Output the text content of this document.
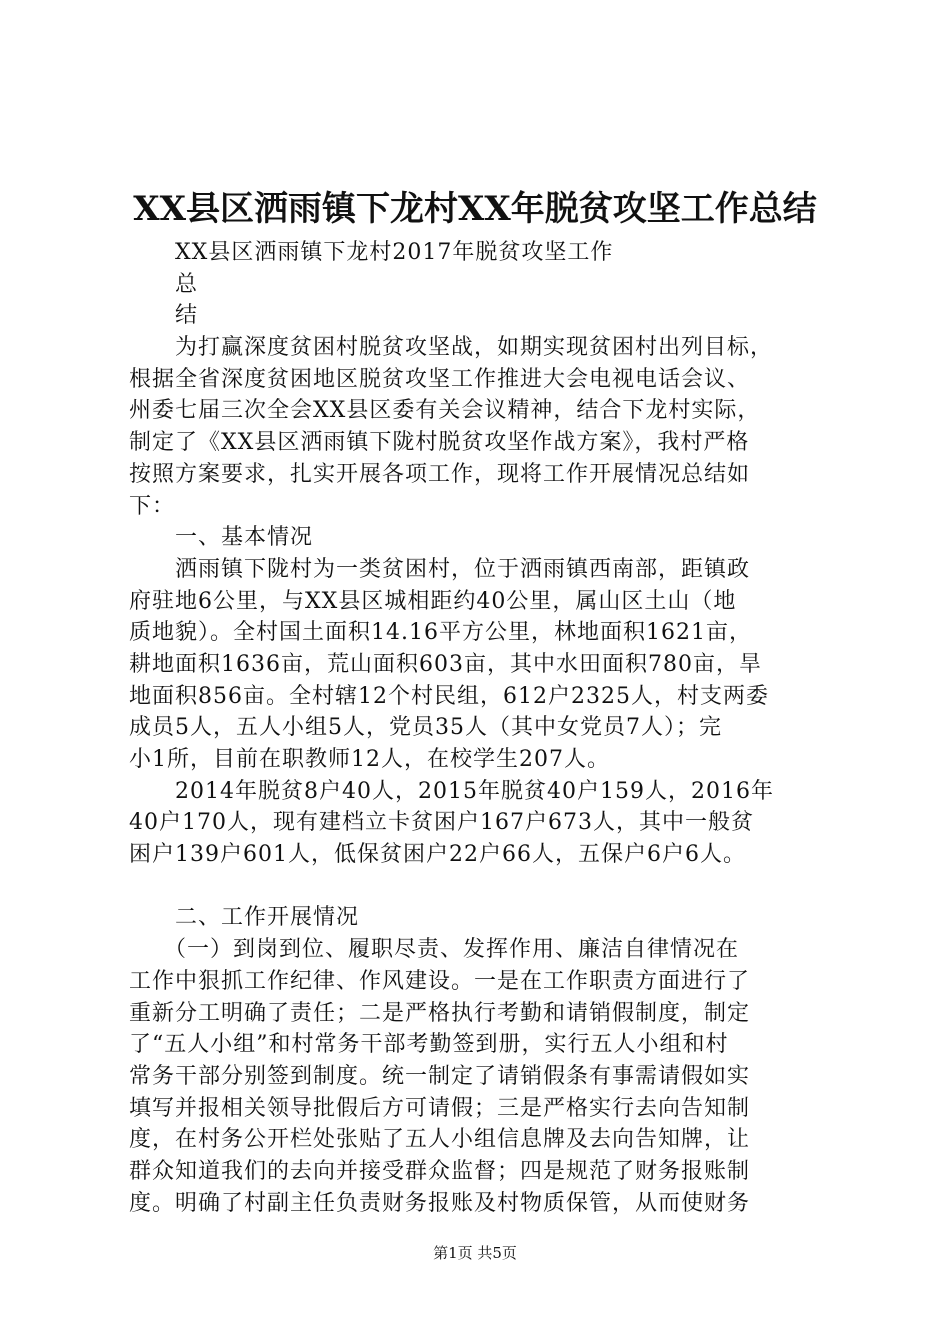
XX县区洒雨镇下龙村XX年脱贫攻坚工作总结
　　XX县区洒雨镇下龙村2017年脱贫攻坚工作
　　总
　　结
　　为打赢深度贫困村脱贫攻坚战，如期实现贫困村出列目标，
根据全省深度贫困地区脱贫攻坚工作推进大会电视电话会议、
州委七届三次全会XX县区委有关会议精神，结合下龙村实际，
制定了《XX县区洒雨镇下陇村脱贫攻坚作战方案》，我村严格
按照方案要求，扎实开展各项工作，现将工作开展情况总结如
下：
　　一、基本情况
　　洒雨镇下陇村为一类贫困村，位于洒雨镇西南部，距镇政
府驻地6公里，与XX县区城相距约40公里，属山区土山（地
质地貌）。全村国土面积14.16平方公里，林地面积1621亩，
耕地面积1636亩，荒山面积603亩，其中水田面积780亩，旱
地面积856亩。全村辖12个村民组，612户2325人，村支两委
成员5人，五人小组5人，党员35人（其中女党员7人）；完
小1所，目前在职教师12人，在校学生207人。
　　2014年脱贫8户40人，2015年脱贫40户159人，2016年
40户170人，现有建档立卡贫困户167户673人，其中一般贫
困户139户601人，低保贫困户22户66人，五保户6户6人。
　　二、工作开展情况
　　（一）到岗到位、履职尽责、发挥作用、廉洁自律情况在
工作中狠抓工作纪律、作风建设。一是在工作职责方面进行了
重新分工明确了责任；二是严格执行考勤和请销假制度，制定
了“五人小组”和村常务干部考勤签到册，实行五人小组和村
常务干部分别签到制度。统一制定了请销假条有事需请假如实
填写并报相关领导批假后方可请假；三是严格实行去向告知制
度，在村务公开栏处张贴了五人小组信息牌及去向告知牌，让
群众知道我们的去向并接受群众监督；四是规范了财务报账制
度。明确了村副主任负责财务报账及村物质保管，从而使财务
第1页 共5页
